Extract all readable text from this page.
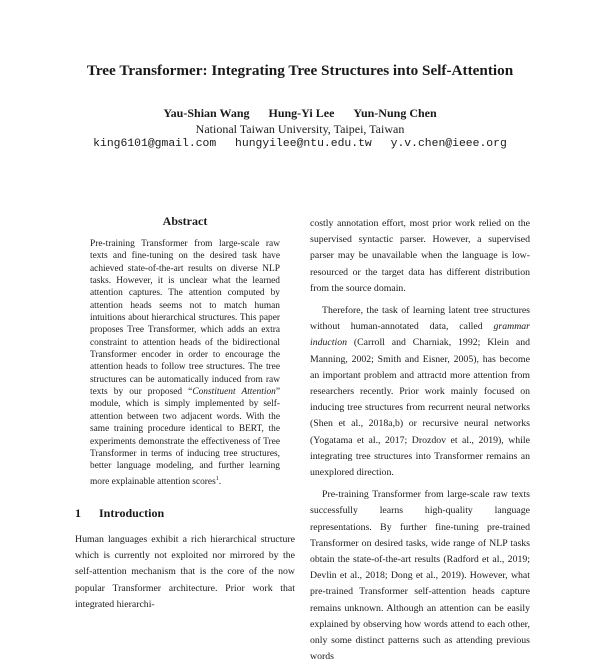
Tree Transformer: Integrating Tree Structures into Self-Attention
Yau-Shian Wang Hung-Yi Lee Yun-Nung Chen
National Taiwan University, Taipei, Taiwan
king6101@gmail.com hungyilee@ntu.edu.tw y.v.chen@ieee.org
Abstract

Pre-training Transformer from large-scale raw texts and fine-tuning on the desired task have achieved state-of-the-art results on diverse NLP tasks. However, it is unclear what the learned attention captures. The attention computed by attention heads seems not to match human intuitions about hierarchical structures. This paper proposes Tree Transformer, which adds an extra constraint to attention heads of the bidirectional Transformer encoder in order to encourage the attention heads to follow tree structures. The tree structures can be automatically induced from raw texts by our proposed “Constituent Attention” module, which is simply implemented by self-attention between two adjacent words. With the same training procedure identical to BERT, the experiments demonstrate the effectiveness of Tree Transformer in terms of inducing tree structures, better language modeling, and further learning more explainable attention scores$^1$.

1 Introduction

Human languages exhibit a rich hierarchical structure which is currently not exploited nor mirrored by the self-attention mechanism that is the core of the now popular Transformer architecture. Prior work that integrated hierarchi-

costly annotation effort, most prior work relied on the supervised syntactic parser. However, a supervised parser may be unavailable when the language is low-resourced or the target data has different distribution from the source domain.

Therefore, the task of learning latent tree structures without human-annotated data, called grammar induction (Carroll and Charniak, 1992; Klein and Manning, 2002; Smith and Eisner, 2005), has become an important problem and attractd more attention from researchers recently. Prior work mainly focused on inducing tree structures from recurrent neural networks (Shen et al., 2018a,b) or recursive neural networks (Yogatama et al., 2017; Drozdov et al., 2019), while integrating tree structures into Transformer remains an unexplored direction.

Pre-training Transformer from large-scale raw texts successfully learns high-quality language representations. By further fine-tuning pre-trained Transformer on desired tasks, wide range of NLP tasks obtain the state-of-the-art results (Radford et al., 2019; Devlin et al., 2018; Dong et al., 2019). However, what pre-trained Transformer self-attention heads capture remains unknown. Although an attention can be easily explained by observing how words attend to each other, only some distinct patterns such as attending previous words
